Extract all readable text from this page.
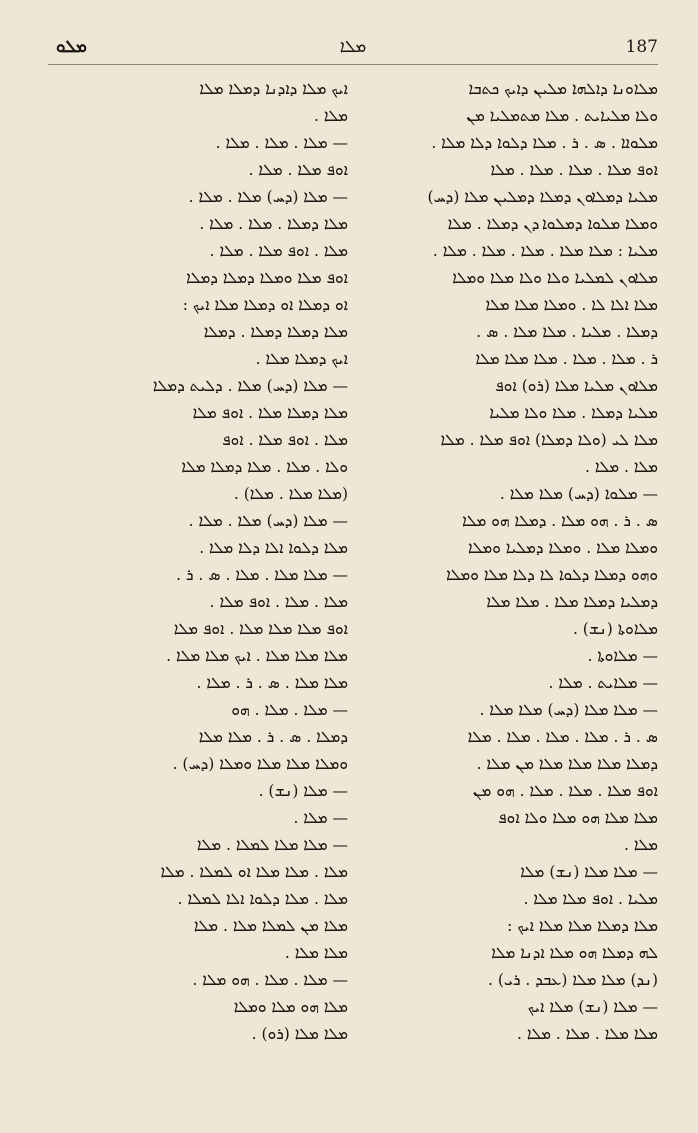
ܡܠܘ	ܡܠܐ	187
ܡܠܐܘܢܐ ܕܐܠܗܐ ܡܠܝܢ ܕܐܝܟ ܟܬܒܐ
ܘܠܐ ܡܠܝܐܝܬ . ܡܠܐ ܡܬܡܠܝܐ ܡܢ
ܡܠܘܐܐ . ܣ . ܪ . ܡܠܐ ܕܠܘܐ ܕܠܐ ܡܠܐ .
ܐܘܦ ܡܠܐ . ܡܠܐ . ܡܠܐ . ܡܠܐ
ܡܠܝܐ ܕܡܠܐܘܢ ܕܡܠܐ ܕܡܠܝܢ ܡܠܐ (ܕܚ)
ܘܡܠܐ ܡܠܘܐ ܕܡܠܘܐ ܕܢ ܕܡܠܐ . ܡܠܐ
ܡܠܝܐ : ܡܠܐ ܡܠܐ . ܡܠܐ . ܡܠܐ . ܡܠܐ .
ܡܠܐܘܢ ܠܡܠܝܐ ܘܠܐ ܘܠܐ ܡܠܐ ܘܡܠܐ
ܡܠܐ ܐܠܐ ܠܐ . ܘܡܠܐ ܡܠܐ ܡܠܐ
ܕܡܠܐ . ܡܠܝܐ . ܡܠܐ ܡܠܐ . ܣ .
ܪ . ܡܠܐ . ܡܠܐ . ܡܠܐ ܡܠܐ ܡܠܐ
ܡܠܐܘܢ ܡܠܝܐ ܡܠܐ (ܪܘ) ܐܘܦ
ܡܠܝܐ ܕܡܠܐ . ܡܠܐ ܘܠܐ ܡܠܝܐ
ܡܠܐ ܠܝ (ܘܠܐ ܕܡܠܐ) ܐܘܦ ܡܠܐ . ܡܠܐ
ܡܠܐ . ܡܠܐ .
— ܡܠܘܐ (ܕܚ) ܡܠܐ ܡܠܐ .
ܣ . ܪ . ܗܘ ܡܠܐ . ܕܡܠܐ ܗܘ ܡܠܐ
ܘܡܠܐ ܡܠܐ . ܘܡܠܐ ܕܡܠܝܐ ܘܡܠܐ
ܘܗܘ ܕܡܠܐ ܕܠܘܐ ܠܐ ܕܠܐ ܡܠܐ ܘܡܠܐ
ܕܡܠܝܐ ܕܡܠܐ ܡܠܐ . ܡܠܐ ܡܠܐ
ܡܠܐܘܬܐ (ܢܫ) .
— ܡܠܐܘܬܐ .
— ܡܠܐܝܬ . ܡܠܐ .
— ܡܠܐ ܡܠܐ (ܕܚ) ܡܠܐ ܡܠܐ .
ܣ . ܪ . ܡܠܐ . ܡܠܐ . ܡܠܐ . ܡܠܐ
ܕܡܠܐ ܡܠܐ ܡܠܐ ܡܠܐ ܡܢ ܡܠܐ .
ܐܘܦ ܡܠܐ . ܡܠܐ . ܡܠܐ . ܗܘ ܡܢ
ܡܠܐ ܡܠܐ ܗܘ ܡܠܐ ܘܠܐ ܐܘܦ
ܡܠܐ .
— ܡܠܐ ܡܠܐ (ܢܫ) ܡܠܐ
ܡܠܝܐ . ܐܘܦ ܡܠܐ ܡܠܐ .
ܡܠܐ ܕܡܠܐ ܡܠܐ ܡܠܐ ܐܝܟ :
ܠܗ ܕܡܠܐ ܗܘ ܡܠܐ ܐܕܢܐ ܡܠܐ
(ܢܕ) ܡܠܐ ܡܠܐ (ܥܒܕ . ܪܝ) .
— ܡܠܐ (ܢܫ) ܡܠܐ ܐܝܟ
ܡܠܐ ܡܠܐ . ܡܠܐ . ܡܠܐ .
ܐܝܟ ܡܠܐ ܕܐܕܢܐ ܕܡܠܐ ܡܠܐ
ܡܠܐ .
— ܡܠܐ . ܡܠܐ . ܡܠܐ .
ܐܘܦ ܡܠܐ . ܡܠܐ .
— ܡܠܐ (ܕܚ) ܡܠܐ . ܡܠܐ .
ܡܠܐ ܕܡܠܐ . ܡܠܐ . ܡܠܐ .
ܡܠܐ . ܐܘܦ ܡܠܐ . ܡܠܐ .
ܐܘܦ ܡܠܐ ܘܡܠܐ ܕܡܠܐ ܕܡܠܐ
ܐܘ ܕܡܠܐ ܐܘ ܕܡܠܐ ܡܠܐ ܐܝܟ :
ܡܠܐ ܕܡܠܐ ܕܡܠܐ . ܕܡܠܐ
ܐܝܟ ܕܡܠܐ ܡܠܐ .
— ܡܠܐ (ܕܚ) ܡܠܐ . ܕܠܝܬ ܕܡܠܐ
ܡܠܐ ܕܡܠܐ ܡܠܐ . ܐܘܦ ܡܠܐ
ܡܠܐ . ܐܘܦ ܡܠܐ . ܐܘܦ
ܘܠܐ . ܡܠܐ . ܡܠܐ ܕܡܠܐ ܡܠܐ
(ܡܠܐ ܡܠܐ . ܡܠܐ) .
— ܡܠܐ (ܕܚ) ܡܠܐ . ܡܠܐ .
ܡܠܐ ܕܠܘܐ ܐܠܐ ܕܠܐ ܡܠܐ .
— ܡܠܐ ܡܠܐ . ܡܠܐ . ܣ . ܪ .
ܡܠܐ . ܡܠܐ . ܐܘܦ ܡܠܐ .
ܐܘܦ ܡܠܐ ܡܠܐ ܡܠܐ . ܐܘܦ ܡܠܐ
ܡܠܐ ܡܠܐ ܡܠܐ . ܐܝܟ ܡܠܐ ܡܠܐ .
ܡܠܐ ܡܠܐ . ܣ . ܪ . ܡܠܐ .
— ܡܠܐ . ܡܠܐ . ܗܘ
ܕܡܠܐ . ܣ . ܪ . ܡܠܐ ܡܠܐ
ܘܡܠܐ ܡܠܐ ܡܠܐ ܘܡܠܐ (ܕܚ) .
— ܡܠܐ (ܢܫ) .
— ܡܠܐ .
— ܡܠܐ ܡܠܐ ܠܡܠܐ . ܡܠܐ
ܡܠܐ . ܡܠܐ ܡܠܐ ܐܘ ܠܡܠܐ . ܡܠܐ
ܡܠܐ . ܡܠܐ ܕܠܘܐ ܐܠܐ ܠܡܠܐ .
ܡܠܐ ܡܢ ܠܡܠܐ ܡܠܐ . ܡܠܐ
ܡܠܐ ܡܠܐ .
— ܡܠܐ . ܡܠܐ . ܗܘ ܡܠܐ .
ܡܠܐ ܗܘ ܡܠܐ ܘܡܠܐ
ܡܠܐ ܡܠܐ (ܪܘ) .
